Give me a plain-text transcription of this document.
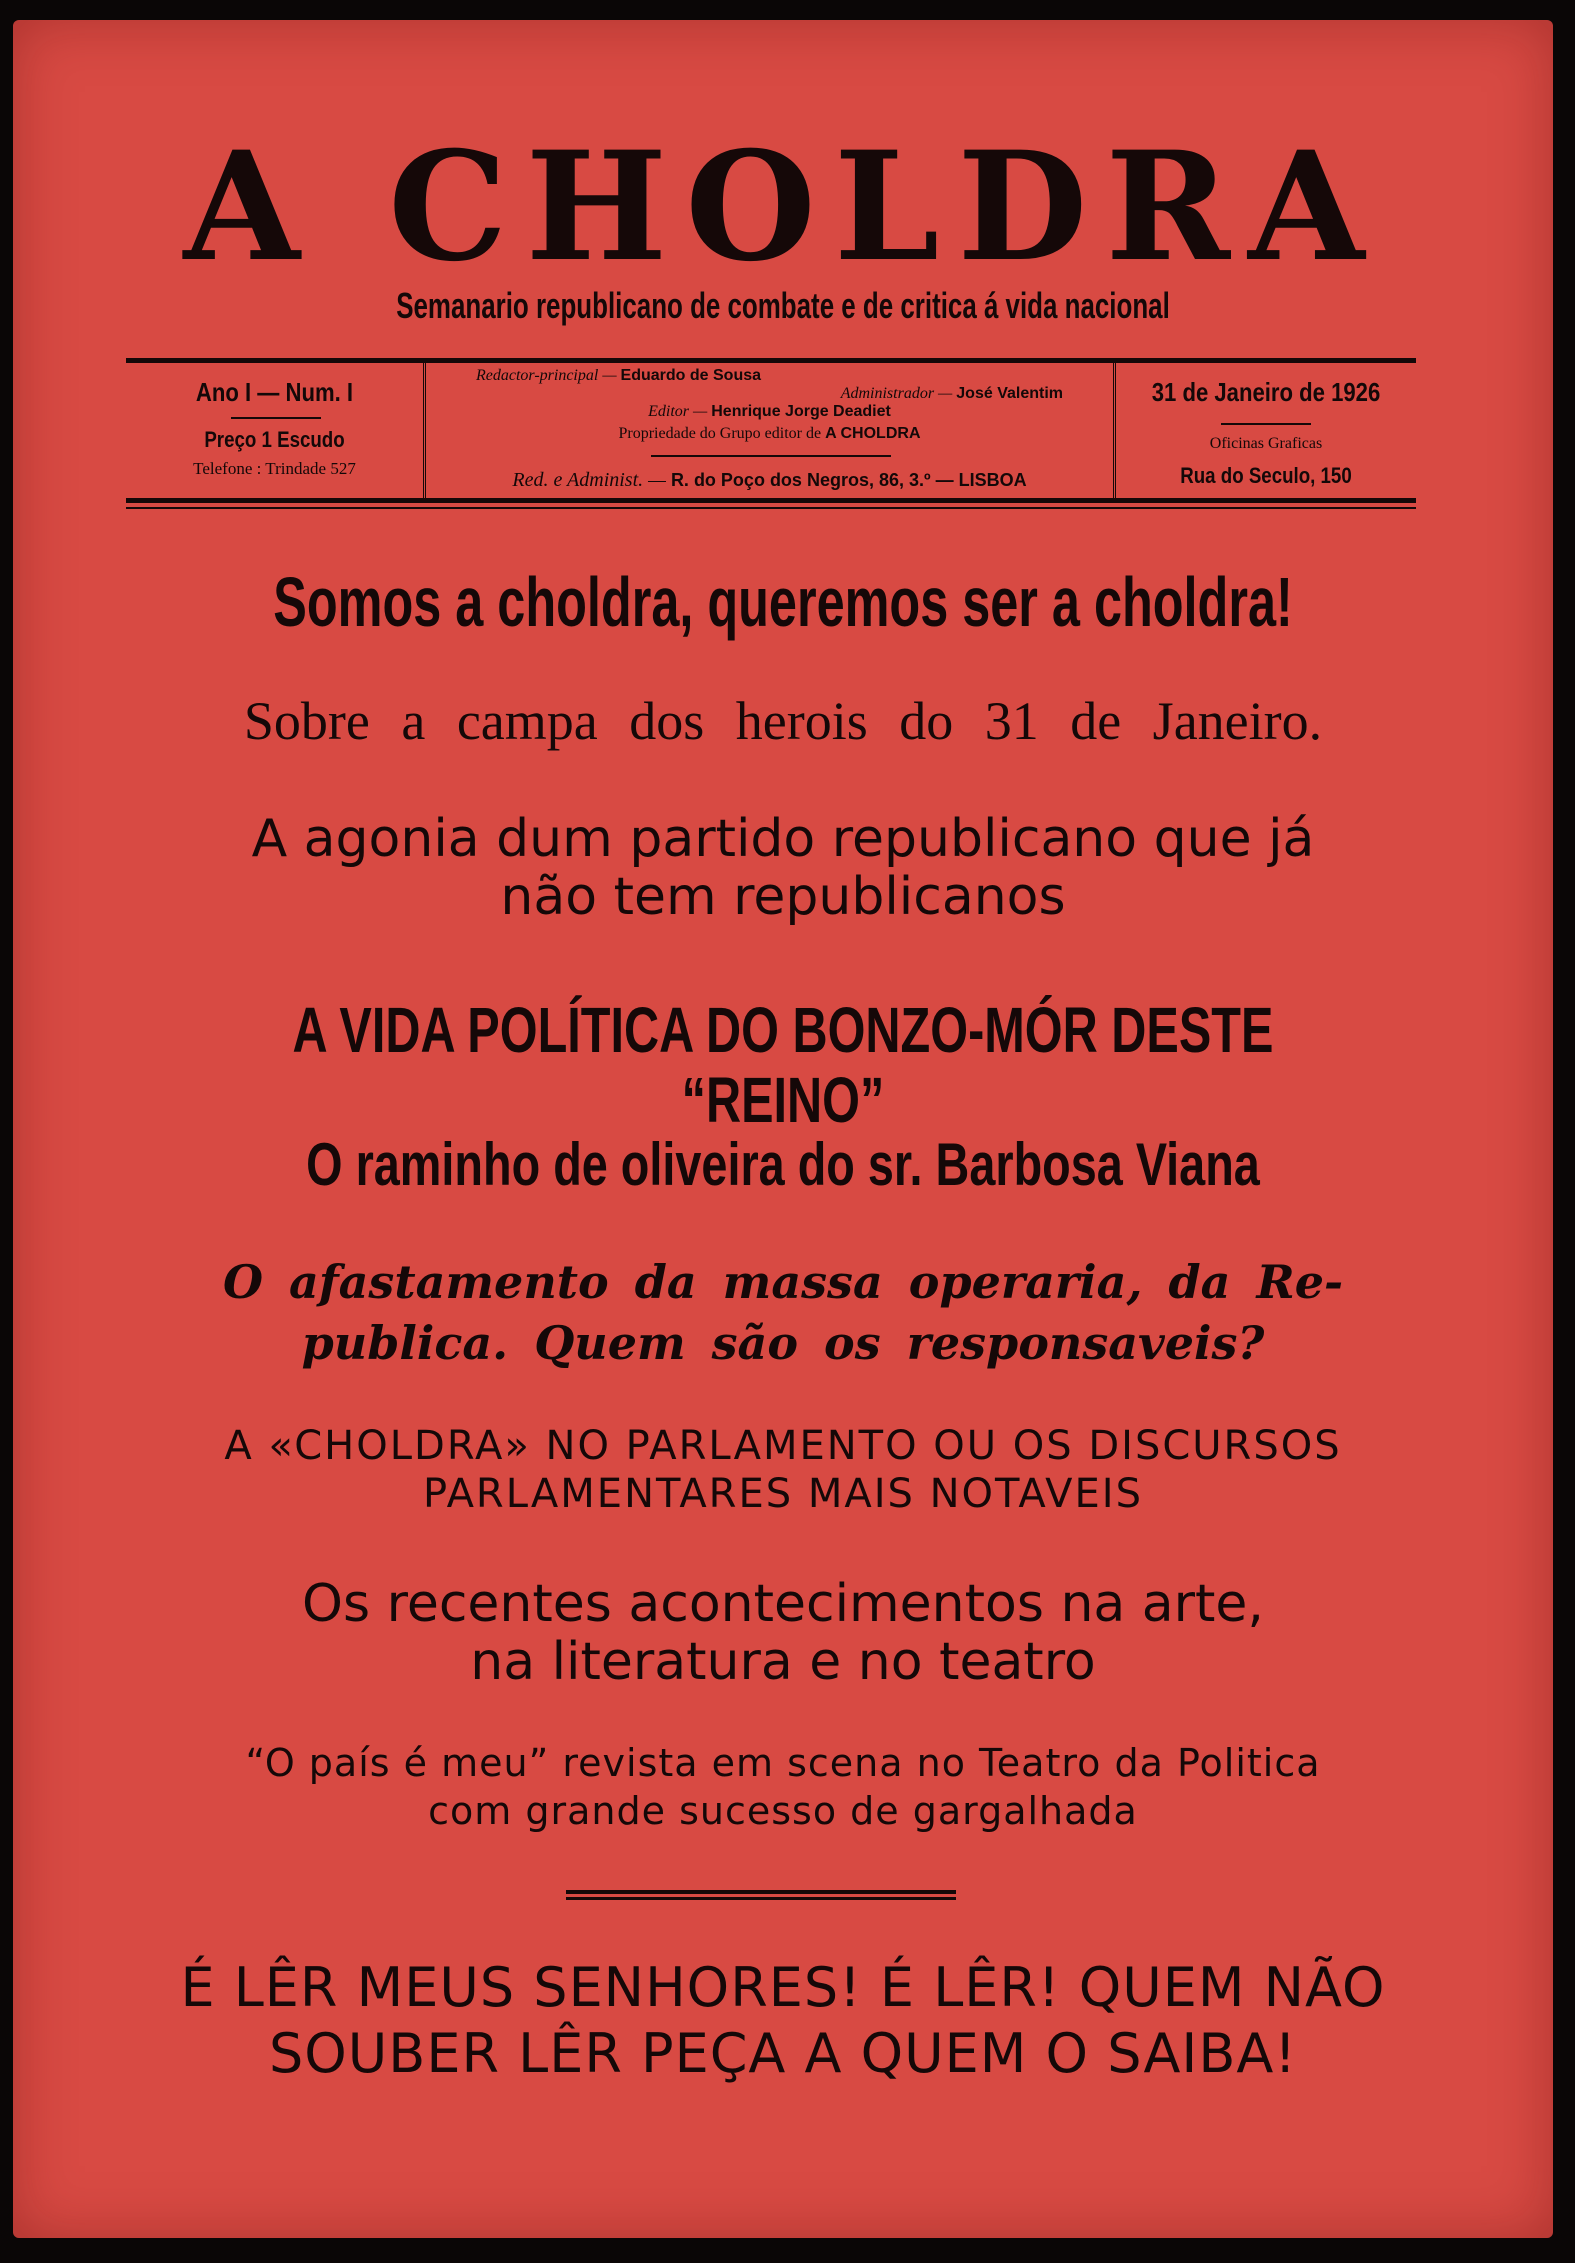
A CHOLDRA
Semanario republicano de combate e de critica á vida nacional
Ano I — Num. I
Preço 1 Escudo
Telefone : Trindade 527
Redactor-principal — Eduardo de Sousa
Administrador — José Valentim
Editor — Henrique Jorge Deadiet
Propriedade do Grupo editor de A CHOLDRA
Red. e Administ. — R. do Poço dos Negros, 86, 3.º — LISBOA
31 de Janeiro de 1926
Oficinas Graficas
Rua do Seculo, 150
Somos a choldra, queremos ser a choldra!
Sobre a campa dos herois do 31 de Janeiro.
A agonia dum partido republicano que já
não tem republicanos
A VIDA POLÍTICA DO BONZO-MÓR DESTE “REINO”
O raminho de oliveira do sr. Barbosa Viana
O afastamento da massa operaria, da Re-
publica. Quem são os responsaveis?
A «CHOLDRA» NO PARLAMENTO OU OS DISCURSOS
PARLAMENTARES MAIS NOTAVEIS
Os recentes acontecimentos na arte,
na literatura e no teatro
“O país é meu” revista em scena no Teatro da Politica
com grande sucesso de gargalhada
É LÊR MEUS SENHORES! É LÊR! QUEM NÃO
SOUBER LÊR PEÇA A QUEM O SAIBA!
